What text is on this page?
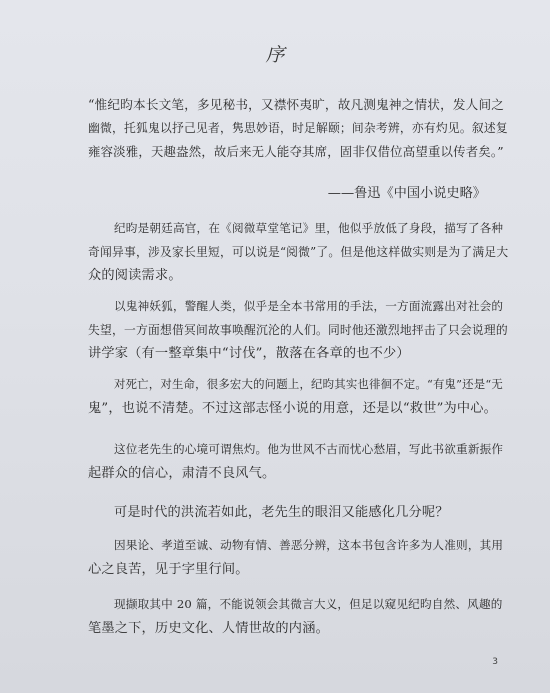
序
“惟纪昀本长文笔，多见秘书，又襟怀夷旷，故凡测鬼神之情状，发人间之
幽微，托狐鬼以抒己见者，隽思妙语，时足解颐；间杂考辨，亦有灼见。叙述复
雍容淡雅，天趣盎然，故后来无人能夺其席，固非仅借位高望重以传者矣。”
——鲁迅《中国小说史略》
纪昀是朝廷高官，在《阅微草堂笔记》里，他似乎放低了身段，描写了各种
奇闻异事，涉及家长里短，可以说是“阅微”了。但是他这样做实则是为了满足大
众的阅读需求。
以鬼神妖狐，警醒人类，似乎是全本书常用的手法，一方面流露出对社会的
失望，一方面想借冥间故事唤醒沉沦的人们。同时他还激烈地抨击了只会说理的
讲学家（有一整章集中“讨伐”，散落在各章的也不少）
对死亡，对生命，很多宏大的问题上，纪昀其实也徘徊不定。“有鬼”还是“无
鬼”，也说不清楚。不过这部志怪小说的用意，还是以“救世”为中心。
这位老先生的心境可谓焦灼。他为世风不古而忧心愁眉，写此书欲重新振作
起群众的信心，肃清不良风气。
可是时代的洪流若如此，老先生的眼泪又能感化几分呢？
因果论、孝道至诚、动物有情、善恶分辨，这本书包含许多为人准则，其用
心之良苦，见于字里行间。
现撷取其中 20 篇，不能说领会其微言大义，但足以窥见纪昀自然、风趣的
笔墨之下，历史文化、人情世故的内涵。
3
